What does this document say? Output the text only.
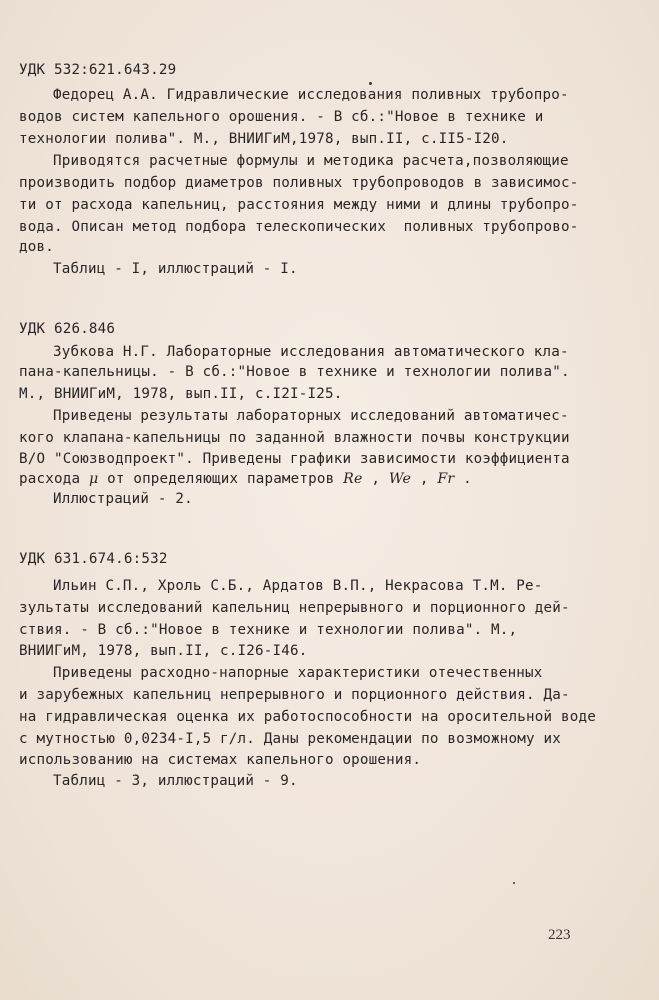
УДК 532:621.643.29
Федорец А.А. Гидравлические исследования поливных трубопро-
водов систем капельного орошения. - В сб.:"Новое в технике и
технологии полива". М., ВНИИГиМ,1978, вып.II, с.II5-I20.
Приводятся расчетные формулы и методика расчета,позволяющие
производить подбор диаметров поливных трубопроводов в зависимос-
ти от расхода капельниц, расстояния между ними и длины трубопро-
вода. Описан метод подбора телескопических  поливных трубопрово-
дов.
Таблиц - I, иллюстраций - I.
УДК 626.846
Зубкова Н.Г. Лабораторные исследования автоматического кла-
пана-капельницы. - В сб.:"Новое в технике и технологии полива".
М., ВНИИГиМ, 1978, вып.II, с.I2I-I25.
Приведены результаты лабораторных исследований автоматичес-
кого клапана-капельницы по заданной влажности почвы конструкции
В/О "Союзводпроект". Приведены графики зависимости коэффициента
расхода μ от определяющих параметров Re , We , Fr .
Иллюстраций - 2.
УДК 631.674.6:532
Ильин С.П., Хроль С.Б., Ардатов В.П., Некрасова Т.М. Ре-
зультаты исследований капельниц непрерывного и порционного дей-
ствия. - В сб.:"Новое в технике и технологии полива". М.,
ВНИИГиМ, 1978, вып.II, с.I26-I46.
Приведены расходно-напорные характеристики отечественных
и зарубежных капельниц непрерывного и порционного действия. Да-
на гидравлическая оценка их работоспособности на оросительной воде
с мутностью 0,0234-I,5 г/л. Даны рекомендации по возможному их
использованию на системах капельного орошения.
Таблиц - 3, иллюстраций - 9.
223
